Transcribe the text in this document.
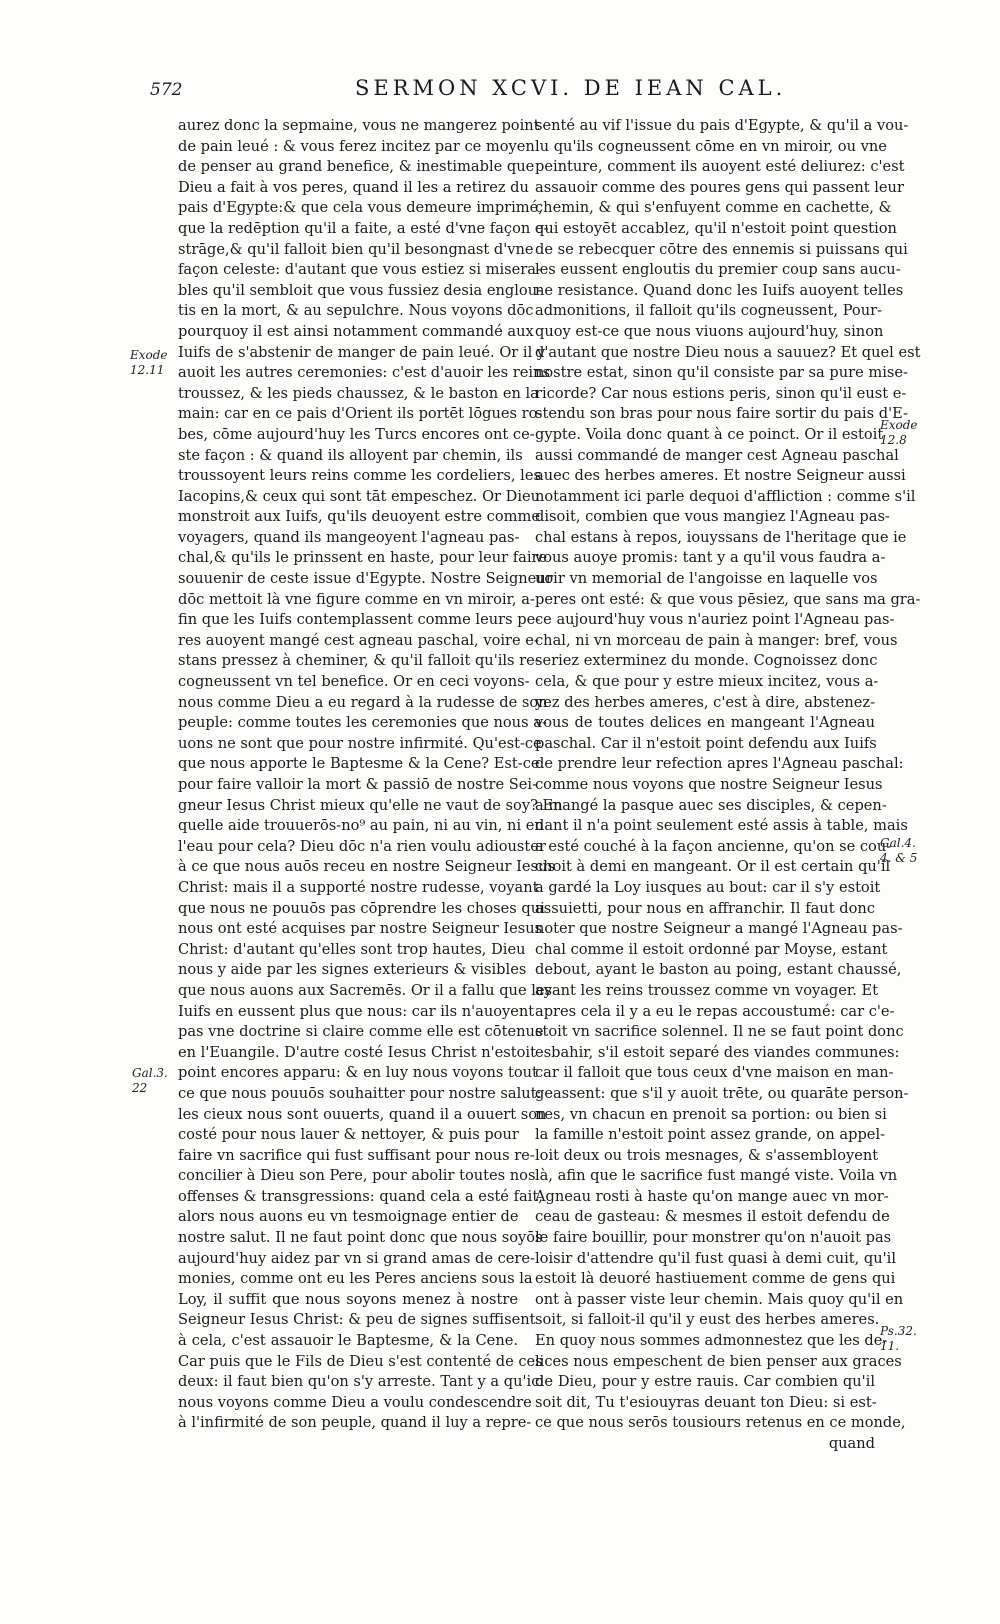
572	SERMON XCVI. DE IEAN CAL.
aurez donc la sepmaine, vous ne mangerez point
de pain leué : & vous ferez incitez par ce moyen
de penser au grand benefice, & inestimable que
Dieu a fait à vos peres, quand il les a retirez du
pais d'Egypte:& que cela vous demeure imprimé,
que la redēption qu'il a faite, a esté d'vne façon e-
strāge,& qu'il falloit bien qu'il besongnast d'vne
façon celeste: d'autant que vous estiez si misera-
bles qu'il sembloit que vous fussiez desia englou-
tis en la mort, & au sepulchre. Nous voyons dōc
pourquoy il est ainsi notamment commandé aux
Iuifs de s'abstenir de manger de pain leué. Or il y
auoit les autres ceremonies: c'est d'auoir les reins
troussez, & les pieds chaussez, & le baston en la
main: car en ce pais d'Orient ils portēt lōgues ro-
bes, cōme aujourd'huy les Turcs encores ont ce-
ste façon : & quand ils alloyent par chemin, ils
troussoyent leurs reins comme les cordeliers, les
Iacopins,& ceux qui sont tāt empeschez. Or Dieu
monstroit aux Iuifs, qu'ils deuoyent estre comme
voyagers, quand ils mangeoyent l'agneau pas-
chal,& qu'ils le prinssent en haste, pour leur faire
souuenir de ceste issue d'Egypte. Nostre Seigneur
dōc mettoit là vne figure comme en vn miroir, a-
fin que les Iuifs contemplassent comme leurs pe-
res auoyent mangé cest agneau paschal, voire e-
stans pressez à cheminer, & qu'il falloit qu'ils re-
cogneussent vn tel benefice. Or en ceci voyons-
nous comme Dieu a eu regard à la rudesse de son
peuple: comme toutes les ceremonies que nous a-
uons ne sont que pour nostre infirmité. Qu'est-ce
que nous apporte le Baptesme & la Cene? Est-ce
pour faire valloir la mort & passiō de nostre Sei-
gneur Iesus Christ mieux qu'elle ne vaut de soy? En
quelle aide trouuerōs-no⁹ au pain, ni au vin, ni en
l'eau pour cela? Dieu dōc n'a rien voulu adiouster
à ce que nous auōs receu en nostre Seigneur Iesus
Christ: mais il a supporté nostre rudesse, voyant
que nous ne pouuōs pas cōprendre les choses qui
nous ont esté acquises par nostre Seigneur Iesus
Christ: d'autant qu'elles sont trop hautes, Dieu
nous y aide par les signes exterieurs & visibles
que nous auons aux Sacremēs. Or il a fallu que les
Iuifs en eussent plus que nous: car ils n'auoyent
pas vne doctrine si claire comme elle est cōtenue
en l'Euangile. D'autre costé Iesus Christ n'estoit
point encores apparu: & en luy nous voyons tout
ce que nous pouuōs souhaitter pour nostre salut:
les cieux nous sont ouuerts, quand il a ouuert son
costé pour nous lauer & nettoyer, & puis pour
faire vn sacrifice qui fust suffisant pour nous re-
concilier à Dieu son Pere, pour abolir toutes nos
offenses & transgressions: quand cela a esté fait,
alors nous auons eu vn tesmoignage entier de
nostre salut. Il ne faut point donc que nous soyōs
aujourd'huy aidez par vn si grand amas de cere-
monies, comme ont eu les Peres anciens sous la
Loy, il suffit que nous soyons menez à nostre
Seigneur Iesus Christ: & peu de signes suffisent
à cela, c'est assauoir le Baptesme, & la Cene.
Car puis que le Fils de Dieu s'est contenté de ces
deux: il faut bien qu'on s'y arreste. Tant y a qu'ici
nous voyons comme Dieu a voulu condescendre
à l'infirmité de son peuple, quand il luy a repre-
senté au vif l'issue du pais d'Egypte, & qu'il a vou-
lu qu'ils cogneussent cōme en vn miroir, ou vne
peinture, comment ils auoyent esté deliurez: c'est
assauoir comme des poures gens qui passent leur
chemin, & qui s'enfuyent comme en cachette, &
qui estoyēt accablez, qu'il n'estoit point question
de se rebecquer cōtre des ennemis si puissans qui
les eussent engloutis du premier coup sans aucu-
ne resistance. Quand donc les Iuifs auoyent telles
admonitions, il falloit qu'ils cogneussent, Pour-
quoy est-ce que nous viuons aujourd'huy, sinon
d'autant que nostre Dieu nous a sauuez? Et quel est
nostre estat, sinon qu'il consiste par sa pure mise-
ricorde? Car nous estions peris, sinon qu'il eust e-
stendu son bras pour nous faire sortir du pais d'E-
gypte. Voila donc quant à ce poinct. Or il estoit
aussi commandé de manger cest Agneau paschal
auec des herbes ameres. Et nostre Seigneur aussi
notamment ici parle dequoi d'affliction : comme s'il
disoit, combien que vous mangiez l'Agneau pas-
chal estans à repos, iouyssans de l'heritage que ie
vous auoye promis: tant y a qu'il vous faudra a-
uoir vn memorial de l'angoisse en laquelle vos
peres ont esté: & que vous pēsiez, que sans ma gra-
ce aujourd'huy vous n'auriez point l'Agneau pas-
chal, ni vn morceau de pain à manger: bref, vous
seriez exterminez du monde. Cognoissez donc
cela, & que pour y estre mieux incitez, vous a-
yez des herbes ameres, c'est à dire, abstenez-
vous de toutes delices en mangeant l'Agneau
paschal. Car il n'estoit point defendu aux Iuifs
de prendre leur refection apres l'Agneau paschal:
comme nous voyons que nostre Seigneur Iesus
a mangé la pasque auec ses disciples, & cepen-
dant il n'a point seulement esté assis à table, mais
a esté couché à la façon ancienne, qu'on se cou-
choit à demi en mangeant. Or il est certain qu'il
a gardé la Loy iusques au bout: car il s'y estoit
assuietti, pour nous en affranchir. Il faut donc
noter que nostre Seigneur a mangé l'Agneau pas-
chal comme il estoit ordonné par Moyse, estant
debout, ayant le baston au poing, estant chaussé,
ayant les reins troussez comme vn voyager. Et
apres cela il y a eu le repas accoustumé: car c'e-
stoit vn sacrifice solennel. Il ne se faut point donc
esbahir, s'il estoit separé des viandes communes:
car il falloit que tous ceux d'vne maison en man-
geassent: que s'il y auoit trēte, ou quarāte person-
nes, vn chacun en prenoit sa portion: ou bien si
la famille n'estoit point assez grande, on appel-
loit deux ou trois mesnages, & s'assembloyent
là, afin que le sacrifice fust mangé viste. Voila vn
Agneau rosti à haste qu'on mange auec vn mor-
ceau de gasteau: & mesmes il estoit defendu de
le faire bouillir, pour monstrer qu'on n'auoit pas
loisir d'attendre qu'il fust quasi à demi cuit, qu'il
estoit là deuoré hastiuement comme de gens qui
ont à passer viste leur chemin. Mais quoy qu'il en
soit, si falloit-il qu'il y eust des herbes ameres.
En quoy nous sommes admonnestez que les de-
lices nous empeschent de bien penser aux graces
de Dieu, pour y estre rauis. Car combien qu'il
soit dit, Tu t'esiouyras deuant ton Dieu: si est-
ce que nous serōs tousiours retenus en ce monde,
quand
Exode 12.11
Gal.3. 22
Exode 12.8
Gal.4. 4. & 5
Ps.32. 11.
